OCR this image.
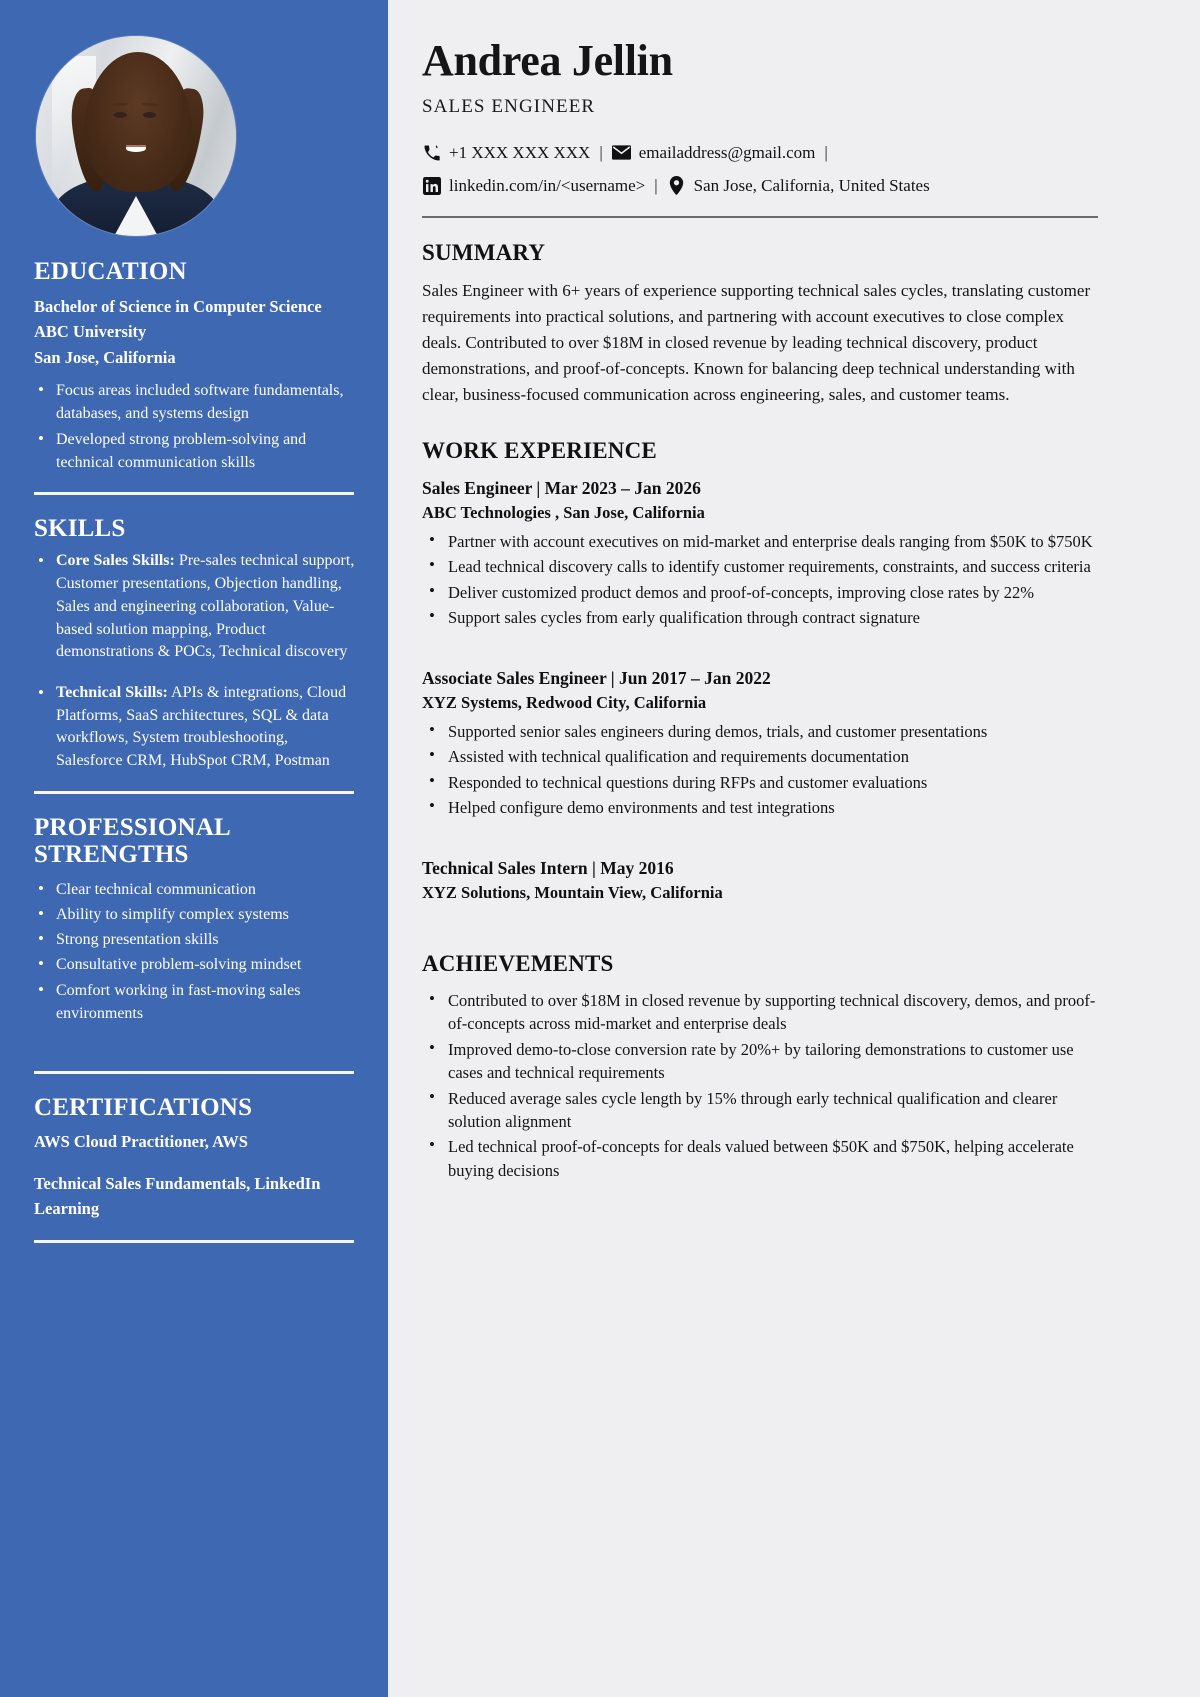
EDUCATION
Bachelor of Science in Computer Science
ABC University
San Jose, California
• Focus areas included software fundamentals, databases, and systems design
• Developed strong problem-solving and technical communication skills
SKILLS
• Core Sales Skills: Pre-sales technical support, Customer presentations, Objection handling, Sales and engineering collaboration, Value-based solution mapping, Product demonstrations & POCs, Technical discovery
• Technical Skills: APIs & integrations, Cloud Platforms, SaaS architectures, SQL & data workflows, System troubleshooting, Salesforce CRM, HubSpot CRM, Postman
PROFESSIONAL STRENGTHS
• Clear technical communication
• Ability to simplify complex systems
• Strong presentation skills
• Consultative problem-solving mindset
• Comfort working in fast-moving sales environments
CERTIFICATIONS
AWS Cloud Practitioner, AWS
Technical Sales Fundamentals, LinkedIn Learning
Andrea Jellin
SALES ENGINEER
+1 XXX XXX XXX | emailaddress@gmail.com |
linkedin.com/in/<username> | San Jose, California, United States
SUMMARY

Sales Engineer with 6+ years of experience supporting technical sales cycles, translating customer requirements into practical solutions, and partnering with account executives to close complex deals. Contributed to over $18M in closed revenue by leading technical discovery, product demonstrations, and proof-of-concepts. Known for balancing deep technical understanding with clear, business-focused communication across engineering, sales, and customer teams.

WORK EXPERIENCE
Sales Engineer | Mar 2023 – Jan 2026
ABC Technologies , San Jose, California
• Partner with account executives on mid-market and enterprise deals ranging from $50K to $750K
• Lead technical discovery calls to identify customer requirements, constraints, and success criteria
• Deliver customized product demos and proof-of-concepts, improving close rates by 22%
• Support sales cycles from early qualification through contract signature
Associate Sales Engineer | Jun 2017 – Jan 2022
XYZ Systems, Redwood City, California
• Supported senior sales engineers during demos, trials, and customer presentations
• Assisted with technical qualification and requirements documentation
• Responded to technical questions during RFPs and customer evaluations
• Helped configure demo environments and test integrations
Technical Sales Intern | May 2016
XYZ Solutions, Mountain View, California
ACHIEVEMENTS
• Contributed to over $18M in closed revenue by supporting technical discovery, demos, and proof-of-concepts across mid-market and enterprise deals
• Improved demo-to-close conversion rate by 20%+ by tailoring demonstrations to customer use cases and technical requirements
• Reduced average sales cycle length by 15% through early technical qualification and clearer solution alignment
• Led technical proof-of-concepts for deals valued between $50K and $750K, helping accelerate buying decisions
